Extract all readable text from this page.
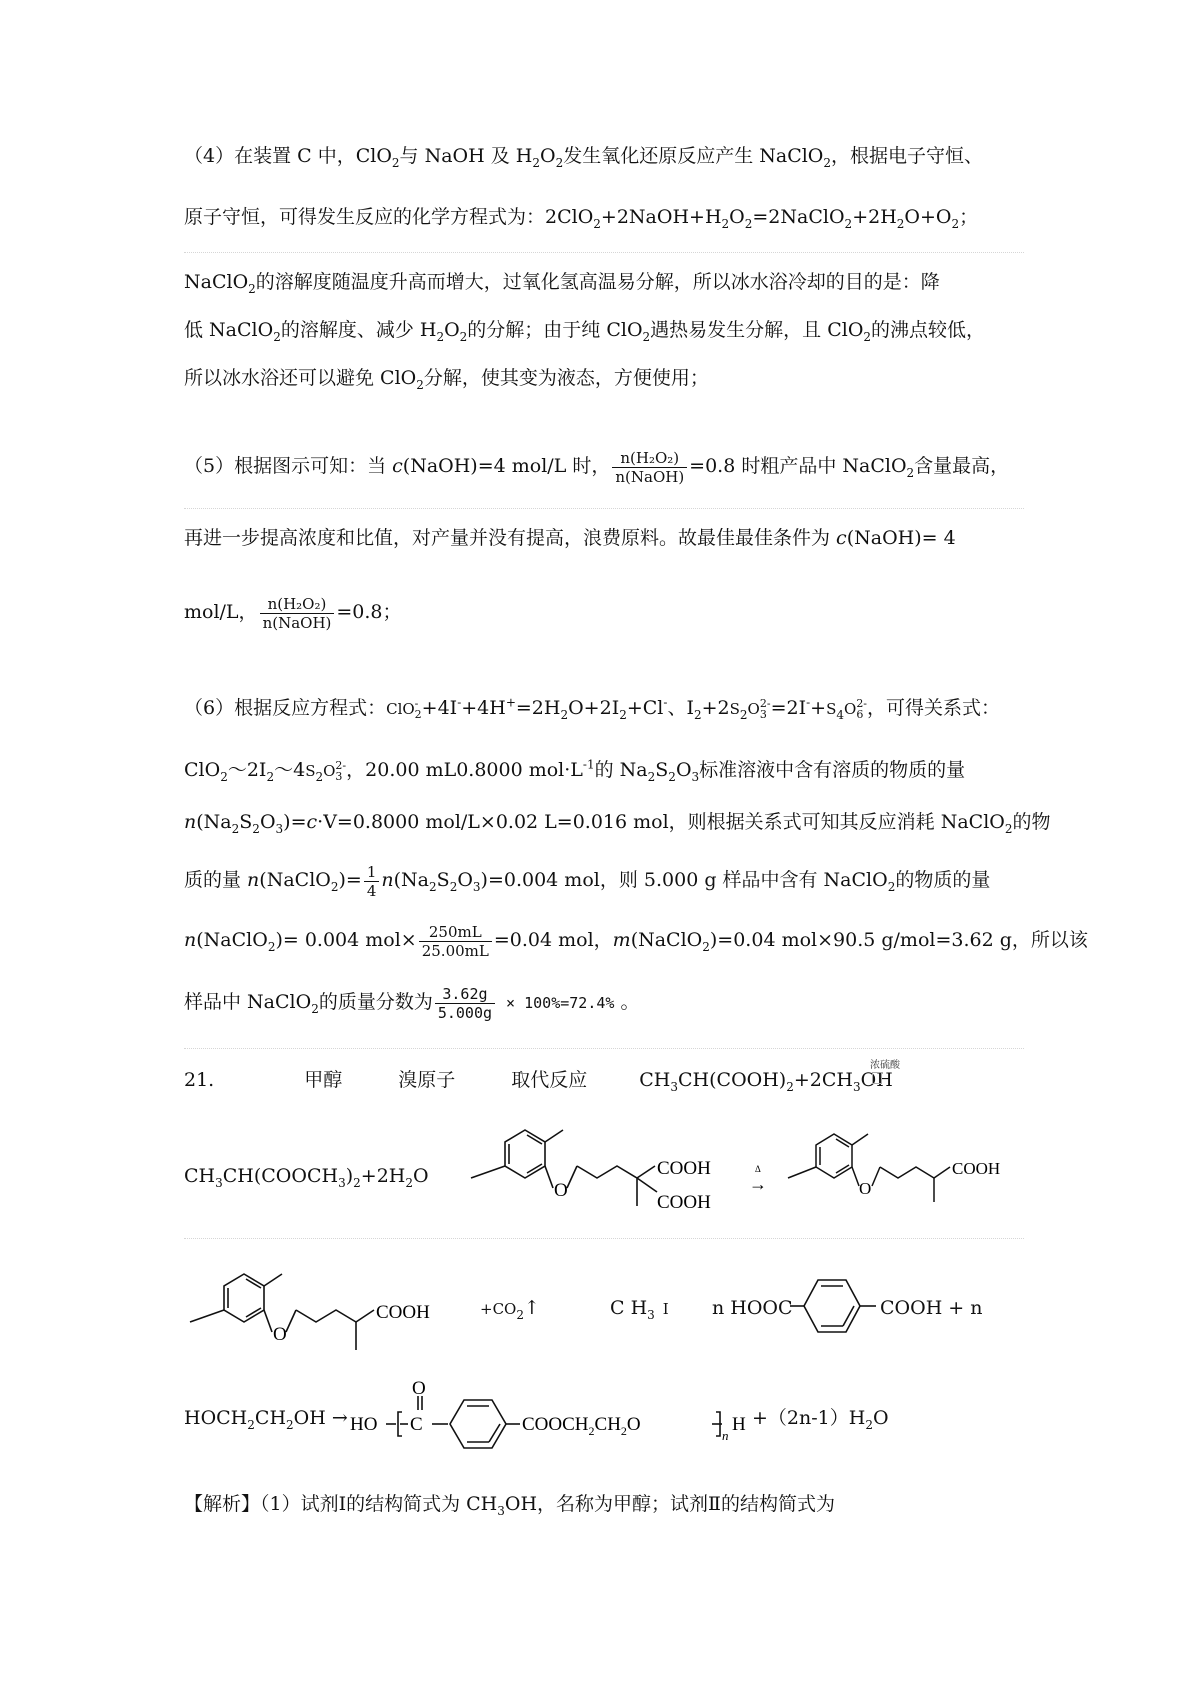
（4）在装置 C 中，ClO$_2$与 NaOH 及 $H_2O_2$发生氧化还原反应产生 NaClO$_2$，根据电子守恒、
原子守恒，可得发生反应的化学方程式为：$2ClO_2+2NaOH+H_2O_2=2NaClO_2+2H_2O+O_2$；
NaClO$_2$的溶解度随温度升高而增大，过氧化氢高温易分解，所以冰水浴冷却的目的是：降
低 NaClO$_2$的溶解度、减少 $H_2O_2$的分解；由于纯 ClO$_2$遇热易发生分解，且 ClO$_2$的沸点较低，
所以冰水浴还可以避免 ClO$_2$分解，使其变为液态，方便使用；
（5）根据图示可知：当 c(NaOH)=4 mol/L 时， $\frac{\text{n(H₂O₂)}}{\text{n(NaOH)}} =0.8$ 时粗产品中 NaClO$_2$含量最高，
再进一步提高浓度和比值，对产量并没有提高，浪费原料。故最佳最佳条件为 c(NaOH)= 4
mol/L， $\frac{\text{n(H₂O₂)}}{\text{n(NaOH)}} =0.8$；
（6）根据反应方程式：ClO -
$2 +4I^-+4H^+=2H_2O+2I_2+Cl^-$、$I_2+2S_2O$ 2-
$3 =2I^-+S_4O$ 2-
6 ，可得关系式：
$ClO_2\sim 2I_2\sim 4S_2O$ 2-
3 ，20.00 mL0.8000 $mol\cdot L^{-1}$的 $Na_2S_2O_3$标准溶液中含有溶质的物质的量
$n(Na_2S_2O_3)=c\cdot V=0.8000$ mol/L×0.02 L=0.016 mol，则根据关系式可知其反应消耗 NaClO$_2$的物
质的量 n(NaClO$_2$)= $\frac{1}{4} n(Na_2S_2O_3)=0.004$ mol，则 5.000 g 样品中含有 NaClO$_2$的物质的量
n(NaClO$_2$)= 0.004 $mol\times \frac{250mL}{25.00mL} =0.04$ mol，m(NaClO$_2$)=0.04 mol×90.5 g/mol=3.62 g，所以该
样品中 NaClO$_2$的质量分数为 $\frac{3.62g}{5.000g} \times 100\%=72.4\%$ 。
21.	甲醇	溴原子	取代反应	$CH_3CH(COOH)_2+2CH_3OH$
浓硫酸
$CH_3CH(COOCH_3)_2+2H_2O$
O
COOH
COOH
Δ
→	O
COOH
O
COOH	$+CO_2↑$	C $H_3$ I n HOOC	COOH + n
$HOCH_2CH_2OH$ → HO
O
C	$COOCH_2CH_2O$
n
$H +(2n-1)H_2O$
【解析】（1）试剂Ⅰ的结构简式为 $CH_3OH$，名称为甲醇；试剂Ⅱ的结构简式为
